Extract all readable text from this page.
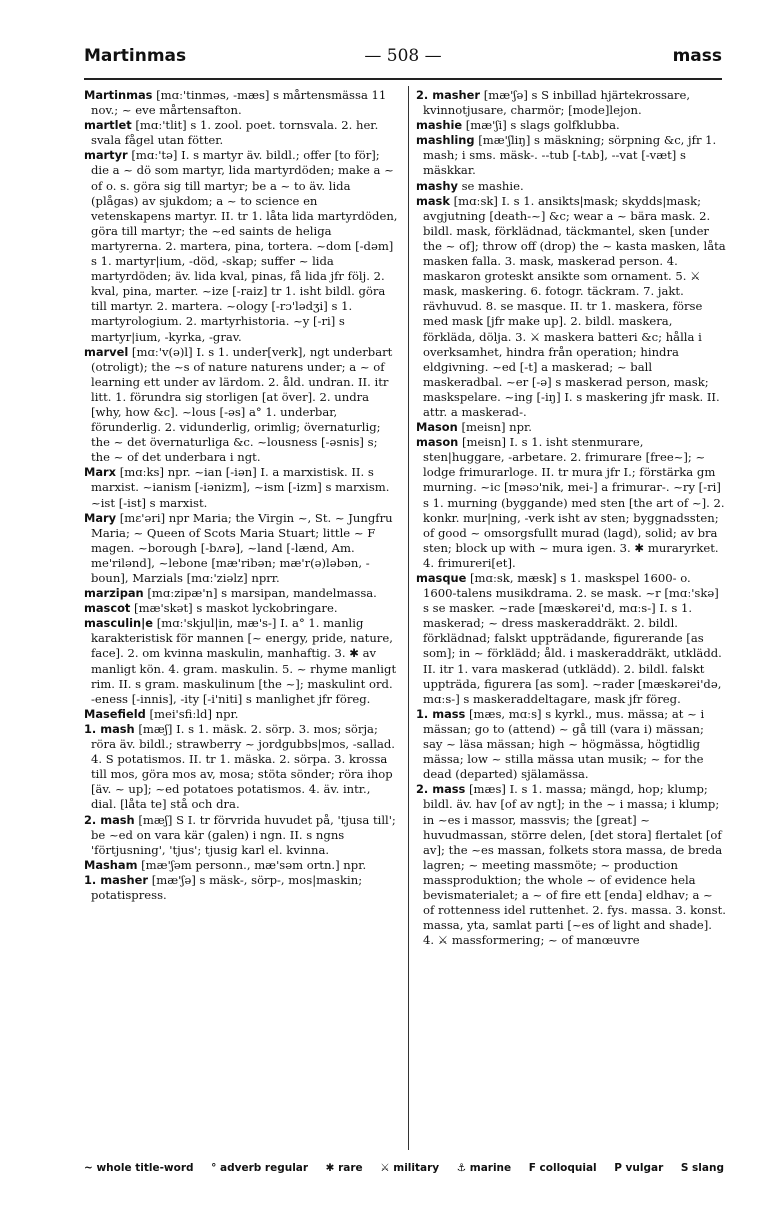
Martinmas	— 508 —	mass

Martinmas [mɑː'tinməs, -mæs] s mårtensmässa 11 nov.; ~ eve mårtensafton.

martlet [mɑː'tlit] s 1. zool. poet. tornsvala. 2. her. svala fågel utan fötter.

martyr [mɑː'tə] I. s martyr äv. bildl.; offer [to för]; die a ~ dö som martyr, lida martyrdöden; make a ~ of o. s. göra sig till martyr; be a ~ to äv. lida (plågas) av sjukdom; a ~ to science en vetenskapens martyr. II. tr 1. låta lida martyrdöden, göra till martyr; the ~ed saints de heliga martyrerna. 2. martera, pina, tortera. ~dom [-dəm] s 1. martyr|ium, -död, -skap; suffer ~ lida martyrdöden; äv. lida kval, pinas, få lida jfr följ. 2. kval, pina, marter. ~ize [-raiz] tr 1. isht bildl. göra till martyr. 2. martera. ~ology [-rɔ'lədʒi] s 1. martyrologium. 2. martyrhistoria. ~y [-ri] s martyr|ium, -kyrka, -grav.

marvel [mɑː'v(ə)l] I. s 1. under[verk], ngt underbart (otroligt); the ~s of nature naturens under; a ~ of learning ett under av lärdom. 2. åld. undran. II. itr litt. 1. förundra sig storligen [at över]. 2. undra [why, how &c]. ~lous [-əs] a° 1. underbar, förunderlig. 2. vidunderlig, orimlig; övernaturlig; the ~ det övernaturliga &c. ~lousness [-əsnis] s; the ~ of det underbara i ngt.

Marx [mɑːks] npr. ~ian [-iən] I. a marxistisk. II. s marxist. ~ianism [-iənizm], ~ism [-izm] s marxism. ~ist [-ist] s marxist.

Mary [mɛ'əri] npr Maria; the Virgin ~, St. ~ Jungfru Maria; ~ Queen of Scots Maria Stuart; little ~ F magen. ~borough [-bʌrə], ~land [-lænd, Am. me'rilənd], ~lebone [mæ'ribən; mæ'r(ə)ləbən, -boun], Marzials [mɑː'ziəlz] nprr.

marzipan [mɑːzipæ'n] s marsipan, mandelmassa.

mascot [mæ'skət] s maskot lyckobringare.

masculin|e [mɑː'skjul|in, mæ's-] I. a° 1. manlig karakteristisk för mannen [~ energy, pride, nature, face]. 2. om kvinna maskulin, manhaftig. 3. ✱ av manligt kön. 4. gram. maskulin. 5. ~ rhyme manligt rim. II. s gram. maskulinum [the ~]; maskulint ord. -eness [-innis], -ity [-i'niti] s manlighet jfr föreg.

Masefield [mei'sfiːld] npr.

1. mash [mæʃ] I. s 1. mäsk. 2. sörp. 3. mos; sörja; röra äv. bildl.; strawberry ~ jordgubbs|mos, -sallad. 4. S potatismos. II. tr 1. mäska. 2. sörpa. 3. krossa till mos, göra mos av, mosa; stöta sönder; röra ihop [äv. ~ up]; ~ed potatoes potatismos. 4. äv. intr., dial. [låta te] stå och dra.

2. mash [mæʃ] S I. tr förvrida huvudet på, 'tjusa till'; be ~ed on vara kär (galen) i ngn. II. s ngns 'förtjusning', 'tjus'; tjusig karl el. kvinna.

Masham [mæ'ʃəm personn., mæ'səm ortn.] npr.

1. masher [mæ'ʃə] s mäsk-, sörp-, mos|maskin; potatispress.

2. masher [mæ'ʃə] s S inbillad hjärtekrossare, kvinnotjusare, charmör; [mode]lejon.

mashie [mæ'ʃi] s slags golfklubba.

mashling [mæ'ʃliŋ] s mäskning; sörpning &c, jfr 1. mash; i sms. mäsk-. --tub [-tʌb], --vat [-væt] s mäskkar.

mashy se mashie.

mask [mɑːsk] I. s 1. ansikts|mask; skydds|mask; avgjutning [death-~] &c; wear a ~ bära mask. 2. bildl. mask, förklädnad, täckmantel, sken [under the ~ of]; throw off (drop) the ~ kasta masken, låta masken falla. 3. mask, maskerad person. 4. maskaron groteskt ansikte som ornament. 5. ⚔ mask, maskering. 6. fotogr. täckram. 7. jakt. rävhuvud. 8. se masque. II. tr 1. maskera, förse med mask [jfr make up]. 2. bildl. maskera, förkläda, dölja. 3. ⚔ maskera batteri &c; hålla i overksamhet, hindra från operation; hindra eldgivning. ~ed [-t] a maskerad; ~ ball maskeradbal. ~er [-ə] s maskerad person, mask; maskspelare. ~ing [-iŋ] I. s maskering jfr mask. II. attr. a maskerad-.

Mason [meisn] npr.

mason [meisn] I. s 1. isht stenmurare, sten|huggare, -arbetare. 2. frimurare [free~]; ~ lodge frimurarloge. II. tr mura jfr I.; förstärka gm murning. ~ic [məsɔ'nik, mei-] a frimurar-. ~ry [-ri] s 1. murning (byggande) med sten [the art of ~]. 2. konkr. mur|ning, -verk isht av sten; byggnadssten; of good ~ omsorgsfullt murad (lagd), solid; av bra sten; block up with ~ mura igen. 3. ✱ muraryrket. 4. frimureri[et].

masque [mɑːsk, mæsk] s 1. maskspel 1600- o. 1600-talens musikdrama. 2. se mask. ~r [mɑː'skə] s se masker. ~rade [mæskərei'd, mɑːs-] I. s 1. maskerad; ~ dress maskeraddräkt. 2. bildl. förklädnad; falskt uppträdande, figurerande [as som]; in ~ förklädd; åld. i maskeraddräkt, utklädd. II. itr 1. vara maskerad (utklädd). 2. bildl. falskt uppträda, figurera [as som]. ~rader [mæskərei'də, mɑːs-] s maskeraddeltagare, mask jfr föreg.

1. mass [mæs, mɑːs] s kyrkl., mus. mässa; at ~ i mässan; go to (attend) ~ gå till (vara i) mässan; say ~ läsa mässan; high ~ högmässa, högtidlig mässa; low ~ stilla mässa utan musik; ~ for the dead (departed) själamässa.

2. mass [mæs] I. s 1. massa; mängd, hop; klump; bildl. äv. hav [of av ngt]; in the ~ i massa; i klump; in ~es i massor, massvis; the [great] ~ huvudmassan, större delen, [det stora] flertalet [of av]; the ~es massan, folkets stora massa, de breda lagren; ~ meeting massmöte; ~ production massproduktion; the whole ~ of evidence hela bevismaterialet; a ~ of fire ett [enda] eldhav; a ~ of rottenness idel ruttenhet. 2. fys. massa. 3. konst. massa, yta, samlat parti [~es of light and shade]. 4. ⚔ massformering; ~ of manœuvre

~ whole title-word ° adverb regular ✱ rare ⚔ military ⚓ marine F colloquial P vulgar S slang
